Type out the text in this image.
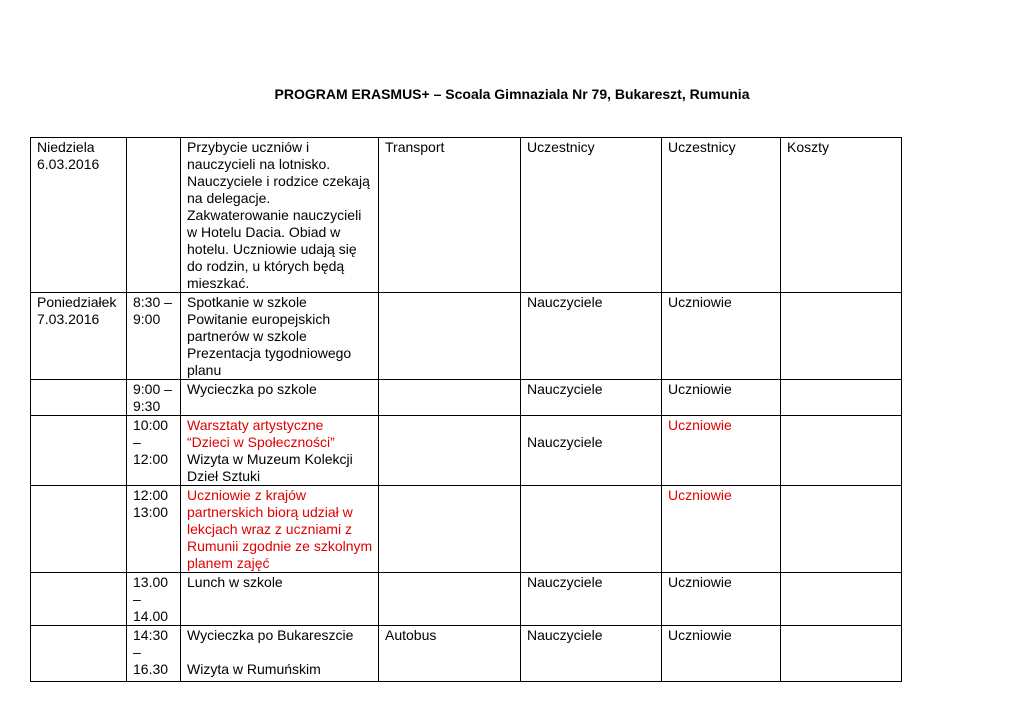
PROGRAM ERASMUS+ – Scoala Gimnaziala Nr 79, Bukareszt, Rumunia
Niedziela
6.03.2016		Przybycie uczniów i nauczycieli na lotnisko. Nauczyciele i rodzice czekają na delegacje. Zakwaterowanie nauczycieli w Hotelu Dacia. Obiad w hotelu. Uczniowie udają się do rodzin, u których będą mieszkać.	Transport	Uczestnicy	Uczestnicy	Koszty

Poniedziałek
7.03.2016	8:30 –
9:00	Spotkanie w szkole
Powitanie europejskich partnerów w szkole
Prezentacja tygodniowego planu		Nauczyciele	Uczniowie	

	9:00 –
9:30	Wycieczka po szkole		Nauczyciele	Uczniowie	

	10:00
–
12:00	Warsztaty artystyczne
“Dzieci w Społeczności”
Wizyta w Muzeum Kolekcji Dzieł Sztuki		Nauczyciele	Uczniowie	

	12:00
13:00	Uczniowie z krajów partnerskich biorą udział w lekcjach wraz z uczniami z Rumunii zgodnie ze szkolnym planem zajęć			Uczniowie	

	13.00
–
14.00	Lunch w szkole		Nauczyciele	Uczniowie	

	14:30
–
16.30	Wycieczka po Bukareszcie
Wizyta w Rumuńskim	Autobus	Nauczyciele	Uczniowie	
